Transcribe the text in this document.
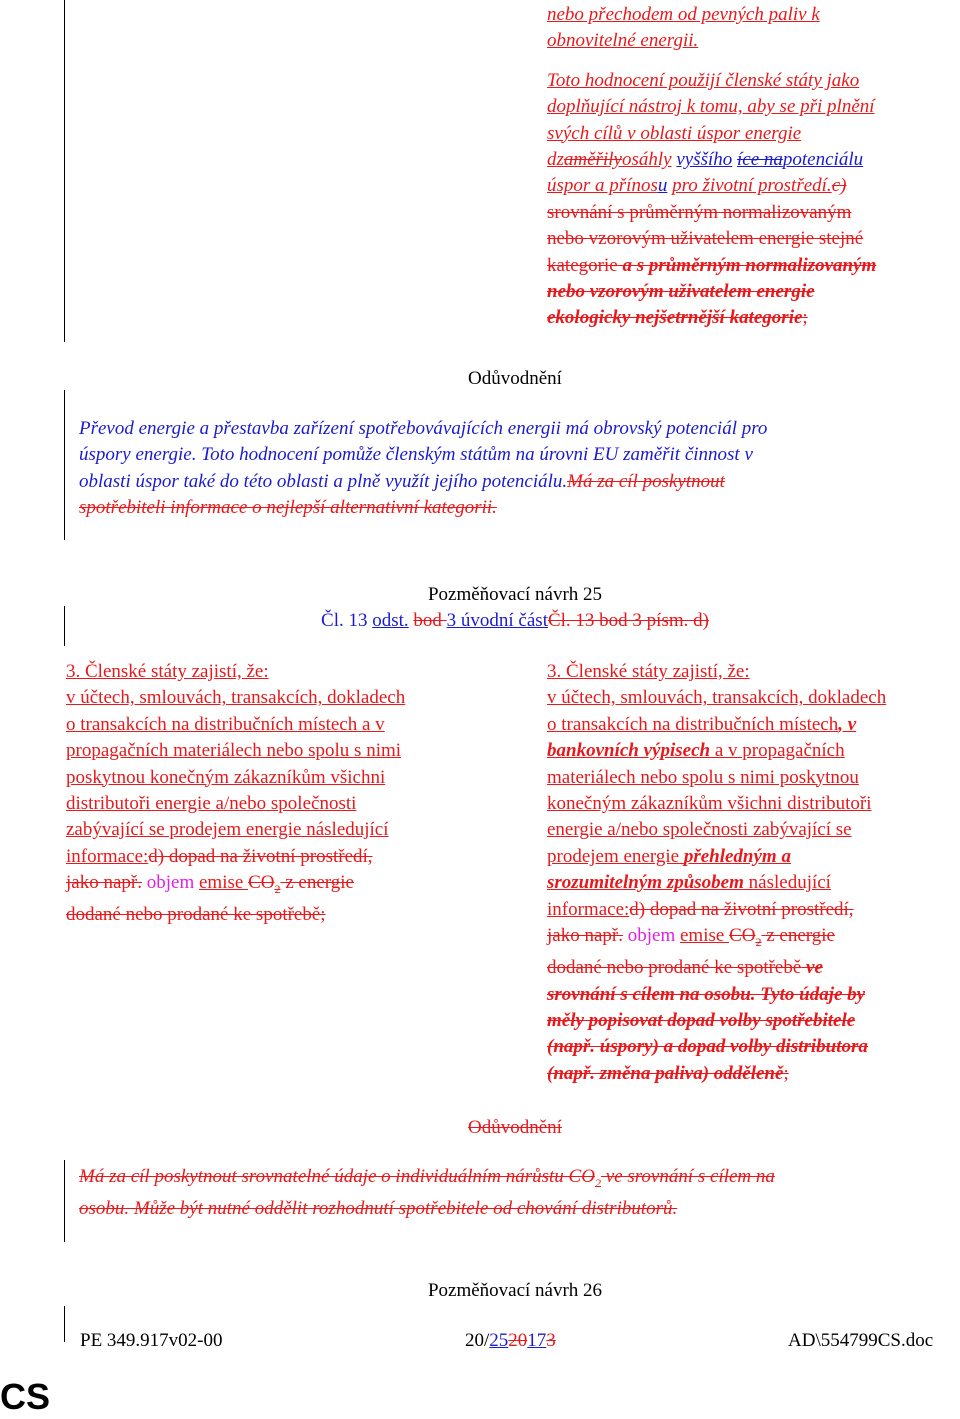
nebo přechodem od pevných paliv k

obnovitelné energii.

Toto hodnocení použijí členské státy jako

doplňující nástroj k tomu, aby se při plnění

svých cílů v oblasti úspor energie

dzaměřilyosáhly vyššího íce napotenciálu

úspor a přínosu pro životní prostředí.c)

srovnání s průměrným normalizovaným

nebo vzorovým uživatelem energie stejné

kategorie a s průměrným normalizovaným

nebo vzorovým uživatelem energie

ekologicky nejšetrnější kategorie;

Odůvodnění

Převod energie a přestavba zařízení spotřebovávajících energii má obrovský potenciál pro

úspory energie. Toto hodnocení pomůže členským státům na úrovni EU zaměřit činnost v

oblasti úspor také do této oblasti a plně využít jejího potenciálu.Má za cíl poskytnout

spotřebiteli informace o nejlepší alternativní kategorii.

Pozměňovací návrh 25
Čl. 13 odst. bod 3 úvodní částČl. 13 bod 3 písm. d)

3. Členské státy zajistí, že:

v účtech, smlouvách, transakcích, dokladech

o transakcích na distribučních místech a v

propagačních materiálech nebo spolu s nimi

poskytnou konečným zákazníkům všichni

distributoři energie a/nebo společnosti

zabývající se prodejem energie následující

informace:d) dopad na životní prostředí,

jako např. objem emise $CO_2$ z energie

dodané nebo prodané ke spotřebě;

3. Členské státy zajistí, že:

v účtech, smlouvách, transakcích, dokladech

o transakcích na distribučních místech, v

bankovních výpisech a v propagačních

materiálech nebo spolu s nimi poskytnou

konečným zákazníkům všichni distributoři

energie a/nebo společnosti zabývající se

prodejem energie přehledným a

srozumitelným způsobem následující

informace:d) dopad na životní prostředí,

jako např. objem emise $CO_2$ z energie

dodané nebo prodané ke spotřebě ve

srovnání s cílem na osobu. Tyto údaje by

měly popisovat dopad volby spotřebitele

(např. úspory) a dopad volby distributora

(např. změna paliva) odděleně;

Odůvodnění

Má za cíl poskytnout srovnatelné údaje o individuálním nárůstu $CO_2$ ve srovnání s cílem na

osobu. Může být nutné oddělit rozhodnutí spotřebitele od chování distributorů.

Pozměňovací návrh 26
PE 349.917v02-00	20/2520173	AD\554799CS.doc
CS
